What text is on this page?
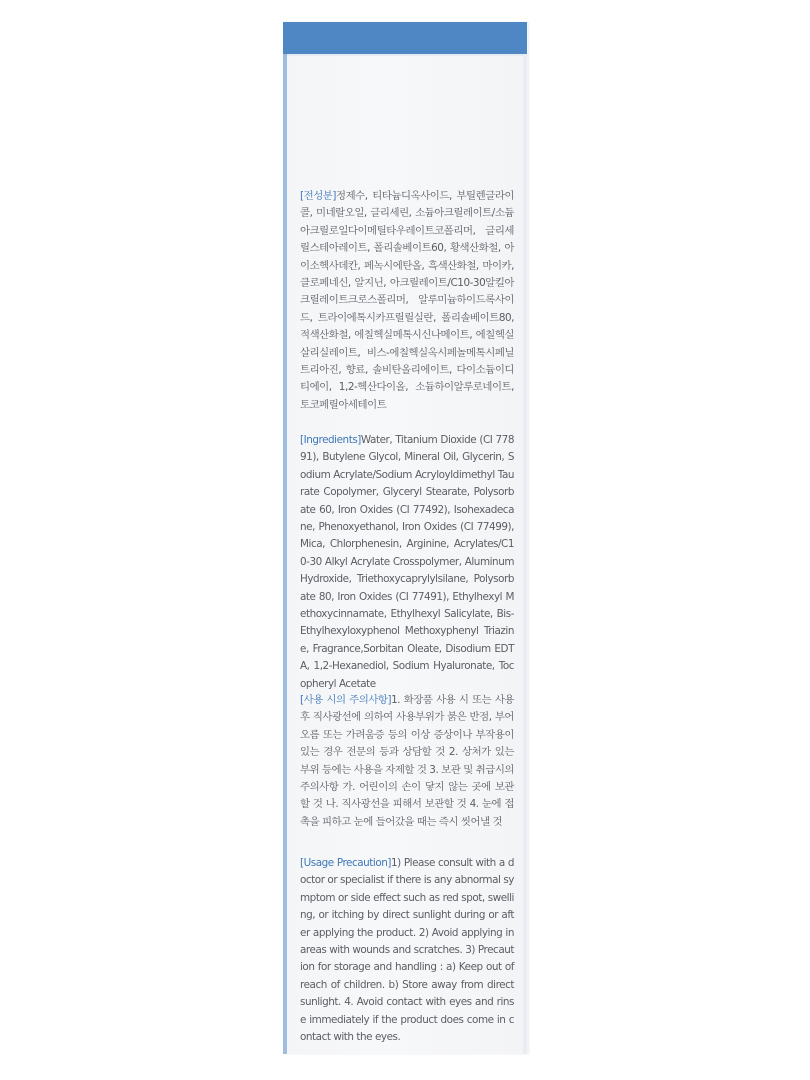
[전성분]정제수, 티타늄디옥사이드, 부틸렌글라이콜, 미네랄오일, 글리세린, 소듐아크릴레이트/소듐아크릴로일다이메틸타우레이트코폴리머, 글리세릴스테아레이트, 폴리솔베이트60, 황색산화철, 아이소헥사데칸, 페녹시에탄올, 흑색산화철, 마이카, 클로페네신, 알지닌, 아크릴레이트/C10-30알킬아크릴레이트크로스폴리머, 알루미늄하이드록사이드, 트라이에톡시카프릴릴실란, 폴리솔베이트80, 적색산화철, 에칠헥실메톡시신나메이트, 에칠헥실살리실레이트, 비스-에칠헥실옥시페놀메톡시페닐트리아진, 향료, 솔비탄올리에이트, 다이소듐이디티에이, 1,2-헥산다이올, 소듐하이알루로네이트, 토코페릴아세테이트
[Ingredients]Water, Titanium Dioxide (CI 77891), Butylene Glycol, Mineral Oil, Glycerin, Sodium Acrylate/Sodium Acryloyldimethyl Taurate Copolymer, Glyceryl Stearate, Polysorbate 60, Iron Oxides (CI 77492), Isohexadecane, Phenoxyethanol, Iron Oxides (CI 77499), Mica, Chlorphenesin, Arginine, Acrylates/C10-30 Alkyl Acrylate Crosspolymer, Aluminum Hydroxide, Triethoxycaprylylsilane, Polysorbate 80, Iron Oxides (CI 77491), Ethylhexyl Methoxycinnamate, Ethylhexyl Salicylate, Bis-Ethylhexyloxyphenol Methoxyphenyl Triazine, Fragrance,Sorbitan Oleate, Disodium EDTA, 1,2-Hexanediol, Sodium Hyaluronate, Tocopheryl Acetate
[사용 시의 주의사항]1. 화장품 사용 시 또는 사용 후 직사광선에 의하여 사용부위가 붉은 반점, 부어오름 또는 가려움증 등의 이상 증상이나 부작용이 있는 경우 전문의 등과 상담할 것 2. 상처가 있는 부위 등에는 사용을 자제할 것 3. 보관 및 취급시의 주의사항 가. 어린이의 손이 닿지 않는 곳에 보관할 것 나. 직사광선을 피해서 보관할 것 4. 눈에 접촉을 피하고 눈에 들어갔을 때는 즉시 씻어낼 것
[Usage Precaution]1) Please consult with a doctor or specialist if there is any abnormal symptom or side effect such as red spot, swelling, or itching by direct sunlight during or after applying the product. 2) Avoid applying in areas with wounds and scratches. 3) Precaution for storage and handling : a) Keep out of reach of children. b) Store away from direct sunlight. 4. Avoid contact with eyes and rinse immediately if the product does come in contact with the eyes.
